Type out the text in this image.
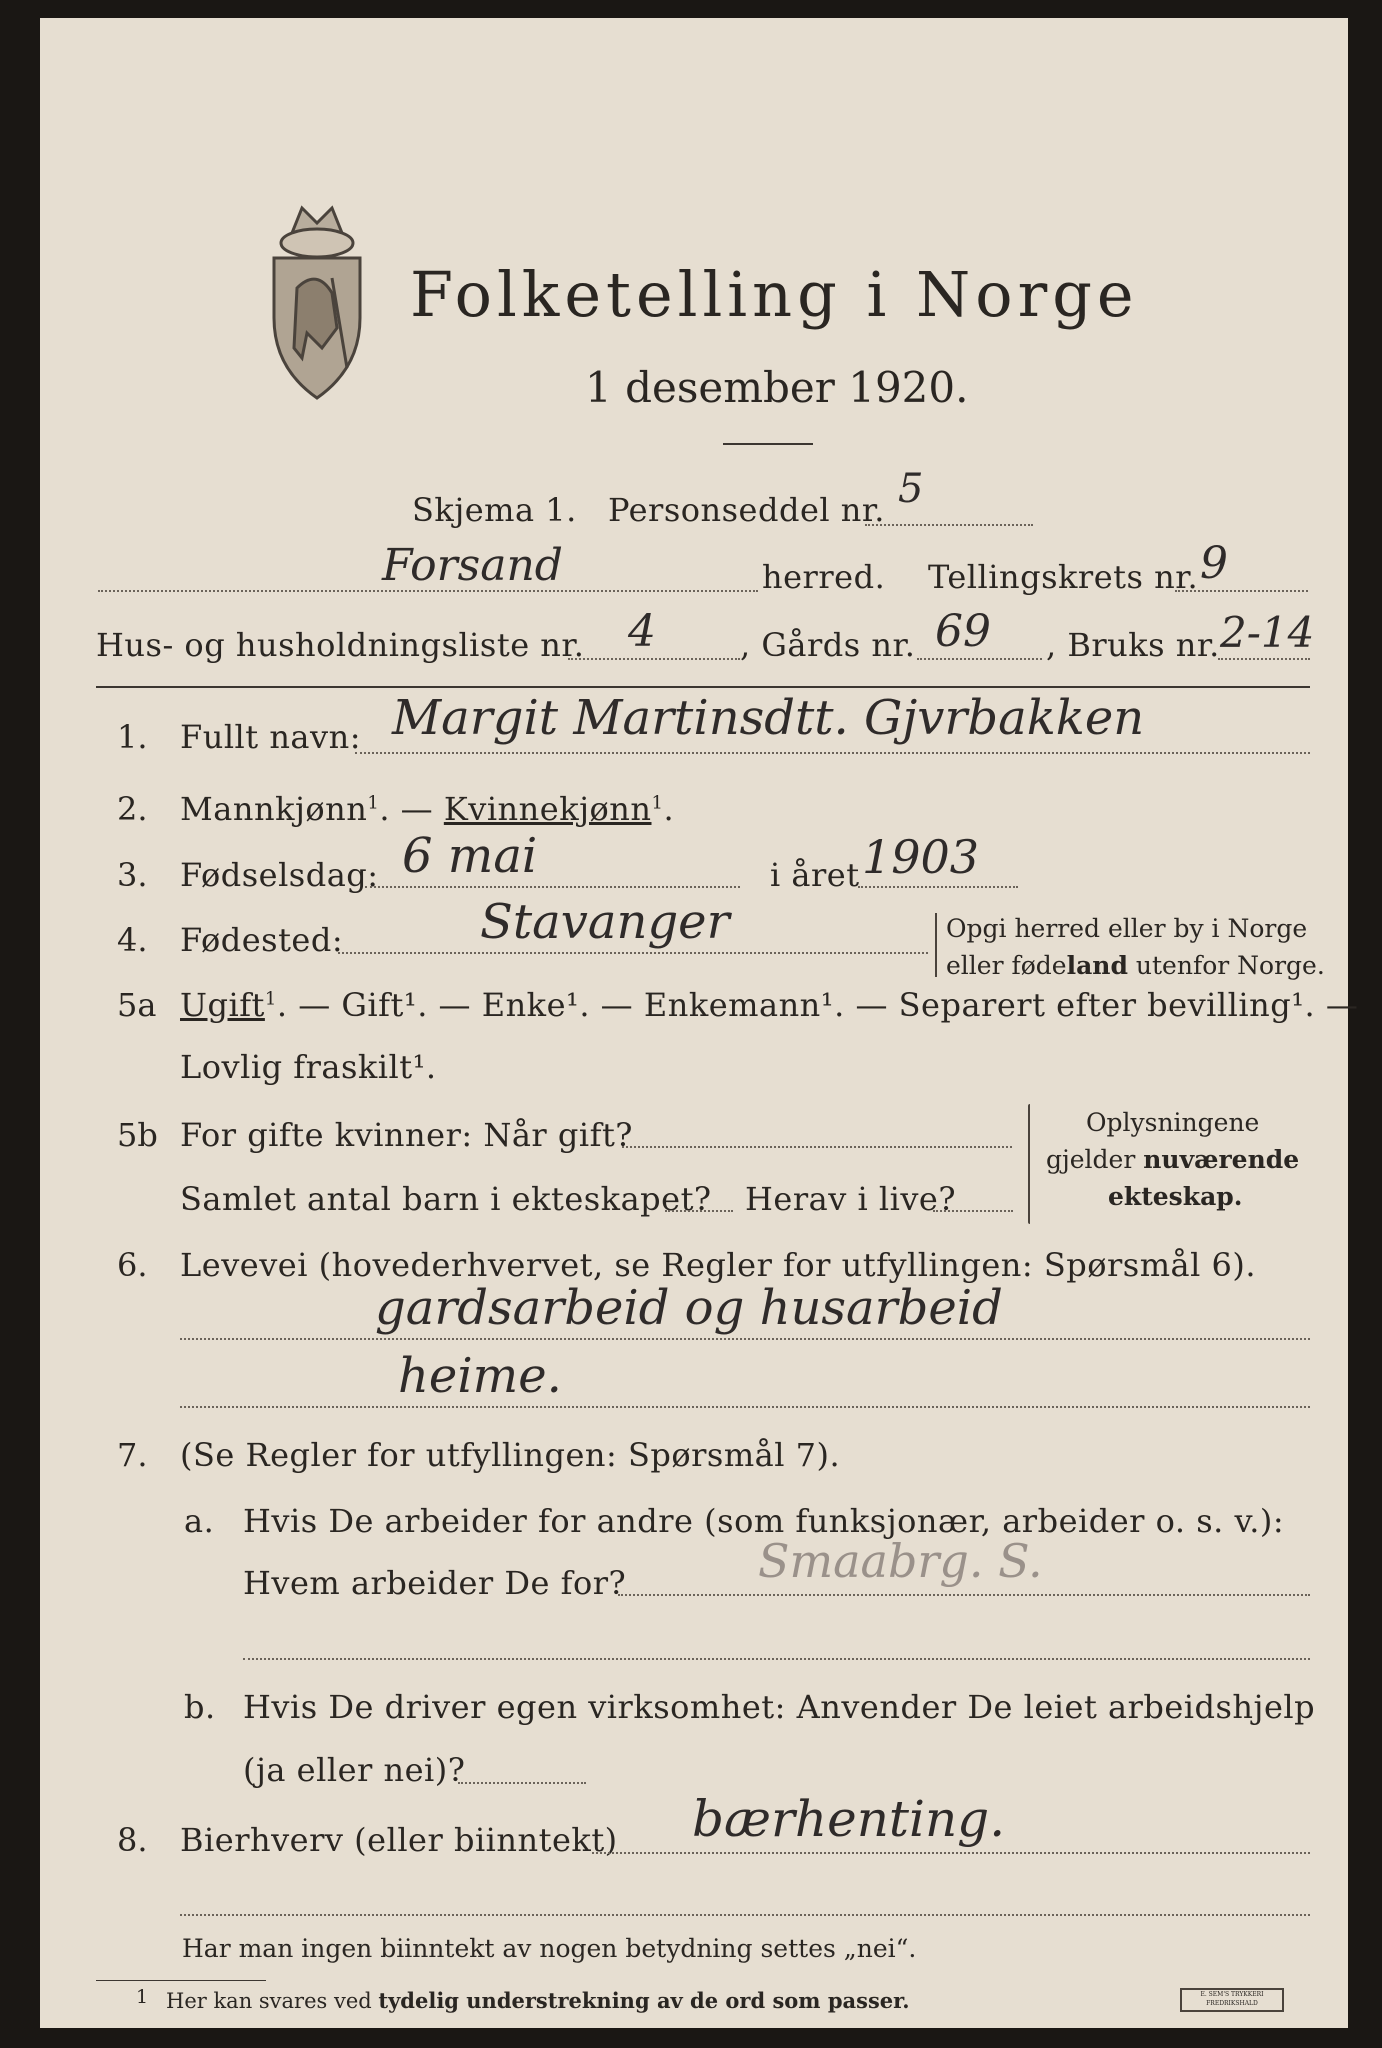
Folketelling i Norge
1 desember 1920.
Skjema 1. Personseddel nr. 5
Forsand	herred. Tellingskrets nr. 9
Hus- og husholdningsliste nr. 4	, Gårds nr. 69 , Bruks nr. 2-14
1. Fullt navn: Margit Martinsdtt. Gjvrbakken
2. Mannkjønn$^1$. — Kvinnekjønn$^1$.
3. Fødselsdag: 6 mai	i året 1903
4. Fødested:	Stavanger	Opgi herred eller by i Norge
eller fødeland utenfor Norge.
5a Ugift$^1$. — Gift¹. — Enke¹. — Enkemann¹. — Separert efter bevilling¹. —
Lovlig fraskilt¹.
5b For gifte kvinner: Når gift?
Samlet antal barn i ekteskapet? Herav i live?
Oplysningene
gjelder nuværende
ekteskap.
6. Levevei (hovederhvervet, se Regler for utfyllingen: Spørsmål 6).
gardsarbeid og husarbeid
heime.
7. (Se Regler for utfyllingen: Spørsmål 7).
a. Hvis De arbeider for andre (som funksjonær, arbeider o. s. v.):
Hvem arbeider De for?	Smaabrg. S.
b. Hvis De driver egen virksomhet: Anvender De leiet arbeidshjelp
(ja eller nei)?
8. Bierhverv (eller biinntekt) bærhenting.
Har man ingen biinntekt av nogen betydning settes „nei“.
1 Her kan svares ved tydelig understrekning av de ord som passer.	E. SEM'S TRYKKERI FREDRIKSHALD
